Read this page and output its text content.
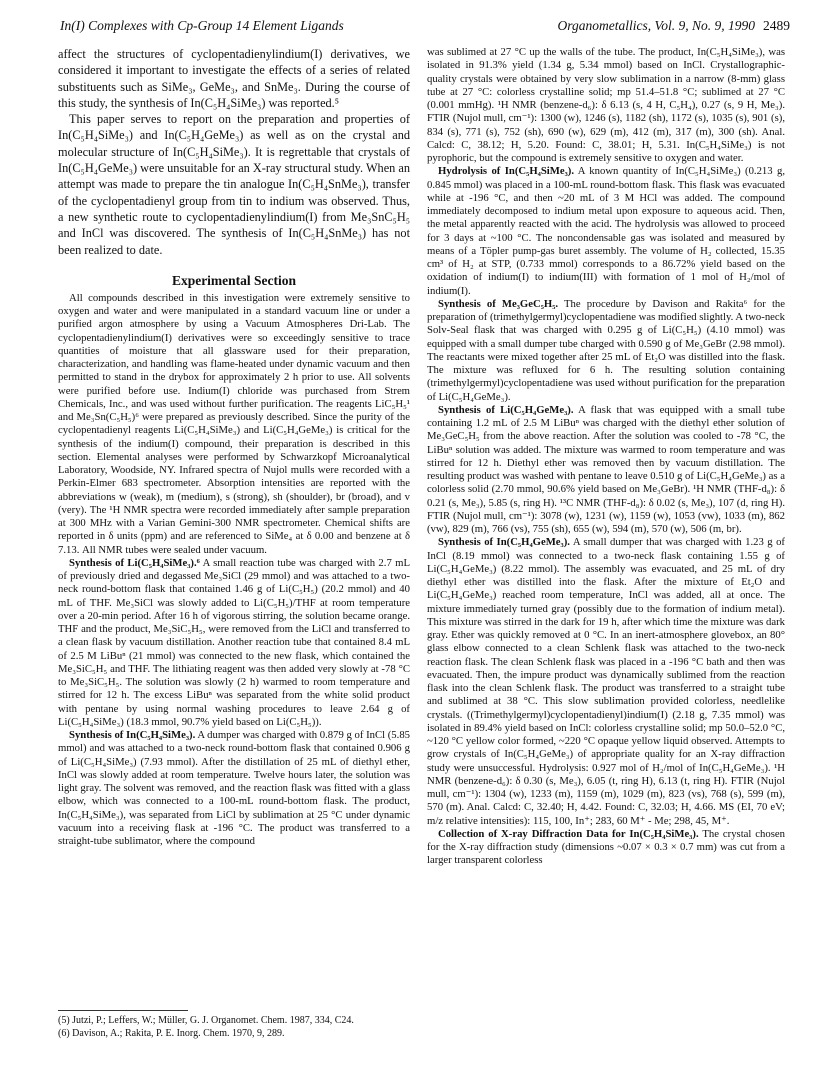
In(I) Complexes with Cp-Group 14 Element Ligands	Organometallics, Vol. 9, No. 9, 1990 2489

affect the structures of cyclopentadienylindium(I) derivatives, we considered it important to investigate the effects of a series of related substituents such as SiMe₃, GeMe₃, and SnMe₃. During the course of this study, the synthesis of In(C₅H₄SiMe₃) was reported.⁵

This paper serves to report on the preparation and properties of In(C₅H₄SiMe₃) and In(C₅H₄GeMe₃) as well as on the crystal and molecular structure of In(C₅H₄SiMe₃). It is regrettable that crystals of In(C₅H₄GeMe₃) were unsuitable for an X-ray structural study. When an attempt was made to prepare the tin analogue In(C₅H₄SnMe₃), transfer of the cyclopentadienyl group from tin to indium was observed. Thus, a new synthetic route to cyclopentadienylindium(I) from Me₃SnC₅H₅ and InCl was discovered. The synthesis of In(C₅H₄SnMe₃) has not been realized to date.

Experimental Section

All compounds described in this investigation were extremely sensitive to oxygen and water and were manipulated in a standard vacuum line or under a purified argon atmosphere by using a Vacuum Atmospheres Dri-Lab. The cyclopentadienylindium(I) derivatives were so exceedingly sensitive to trace quantities of moisture that all glassware used for their preparation, characterization, and handling was flame-heated under dynamic vacuum and then permitted to stand in the drybox for approximately 2 h prior to use. All solvents were purified before use. Indium(I) chloride was purchased from Strem Chemicals, Inc., and was used without further purification. The reagents LiC₅H₅¹ and Me₃Sn(C₅H₅)⁶ were prepared as previously described. Since the purity of the cyclopentadienyl reagents Li(C₅H₄SiMe₃) and Li(C₅H₄GeMe₃) is critical for the synthesis of the indium(I) compound, their preparation is described in this section. Elemental analyses were performed by Schwarzkopf Microanalytical Laboratory, Woodside, NY. Infrared spectra of Nujol mulls were recorded with a Perkin-Elmer 683 spectrometer. Absorption intensities are reported with the abbreviations w (weak), m (medium), s (strong), sh (shoulder), br (broad), and v (very). The ¹H NMR spectra were recorded immediately after sample preparation at 300 MHz with a Varian Gemini-300 NMR spectrometer. Chemical shifts are reported in δ units (ppm) and are referenced to SiMe₄ at δ 0.00 and benzene at δ 7.13. All NMR tubes were sealed under vacuum.

Synthesis of Li(C₅H₄SiMe₃).⁶ A small reaction tube was charged with 2.7 mL of previously dried and degassed Me₃SiCl (29 mmol) and was attached to a two-neck round-bottom flask that contained 1.46 g of Li(C₅H₅) (20.2 mmol) and 40 mL of THF. Me₃SiCl was slowly added to Li(C₅H₅)/THF at room temperature over a 20-min period. After 16 h of vigorous stirring, the solution became orange. THF and the product, Me₃SiC₅H₅, were removed from the LiCl and transferred to a clean flask by vacuum distillation. Another reaction tube that contained 8.4 mL of 2.5 M LiBuⁿ (21 mmol) was connected to the new flask, which contained the Me₃SiC₅H₅ and THF. The lithiating reagent was then added very slowly at -78 °C to Me₃SiC₅H₅. The solution was slowly (2 h) warmed to room temperature and stirred for 12 h. The excess LiBuⁿ was separated from the white solid product with pentane by using normal washing procedures to leave 2.64 g of Li(C₅H₄SiMe₃) (18.3 mmol, 90.7% yield based on Li(C₅H₅)).

Synthesis of In(C₅H₄SiMe₃). A dumper was charged with 0.879 g of InCl (5.85 mmol) and was attached to a two-neck round-bottom flask that contained 0.906 g of Li(C₅H₄SiMe₃) (7.93 mmol). After the distillation of 25 mL of diethyl ether, InCl was slowly added at room temperature. Twelve hours later, the solution was light gray. The solvent was removed, and the reaction flask was fitted with a glass elbow, which was connected to a 100-mL round-bottom flask. The product, In(C₅H₄SiMe₃), was separated from LiCl by sublimation at 25 °C under dynamic vacuum into a receiving flask at -196 °C. The product was transferred to a straight-tube sublimator, where the compound

was sublimed at 27 °C up the walls of the tube. The product, In(C₅H₄SiMe₃), was isolated in 91.3% yield (1.34 g, 5.34 mmol) based on InCl. Crystallographic-quality crystals were obtained by very slow sublimation in a narrow (8-mm) glass tube at 27 °C: colorless crystalline solid; mp 51.4–51.8 °C; sublimed at 27 °C (0.001 mmHg). ¹H NMR (benzene-d₆): δ 6.13 (s, 4 H, C₅H₄), 0.27 (s, 9 H, Me₃). FTIR (Nujol mull, cm⁻¹): 1300 (w), 1246 (s), 1182 (sh), 1172 (s), 1035 (s), 901 (s), 834 (s), 771 (s), 752 (sh), 690 (w), 629 (m), 412 (m), 317 (m), 300 (sh). Anal. Calcd: C, 38.12; H, 5.20. Found: C, 38.01; H, 5.31. In(C₅H₄SiMe₃) is not pyrophoric, but the compound is extremely sensitive to oxygen and water.

Hydrolysis of In(C₅H₄SiMe₃). A known quantity of In(C₅H₄SiMe₃) (0.213 g, 0.845 mmol) was placed in a 100-mL round-bottom flask. This flask was evacuated while at -196 °C, and then ~20 mL of 3 M HCl was added. The compound immediately decomposed to indium metal upon exposure to aqueous acid. Then, the metal apparently reacted with the acid. The hydrolysis was allowed to proceed for 3 days at ~100 °C. The noncondensable gas was isolated and measured by means of a Töpler pump-gas buret assembly. The volume of H₂ collected, 15.35 cm³ of H₂ at STP, (0.733 mmol) corresponds to a 86.72% yield based on the oxidation of indium(I) to indium(III) with formation of 1 mol of H₂/mol of indium(I).

Synthesis of Me₃GeC₅H₅. The procedure by Davison and Rakita⁶ for the preparation of (trimethylgermyl)cyclopentadiene was modified slightly. A two-neck Solv-Seal flask that was charged with 0.295 g of Li(C₅H₅) (4.10 mmol) was equipped with a small dumper tube charged with 0.590 g of Me₃GeBr (2.98 mmol). The reactants were mixed together after 25 mL of Et₂O was distilled into the flask. The mixture was refluxed for 6 h. The resulting solution containing (trimethylgermyl)cyclopentadiene was used without purification for the preparation of Li(C₅H₄GeMe₃).

Synthesis of Li(C₅H₄GeMe₃). A flask that was equipped with a small tube containing 1.2 mL of 2.5 M LiBuⁿ was charged with the diethyl ether solution of Me₃GeC₅H₅ from the above reaction. After the solution was cooled to -78 °C, the LiBuⁿ solution was added. The mixture was warmed to room temperature and was stirred for 12 h. Diethyl ether was removed then by vacuum distillation. The resulting product was washed with pentane to leave 0.510 g of Li(C₅H₄GeMe₃) as a colorless solid (2.70 mmol, 90.6% yield based on Me₃GeBr). ¹H NMR (THF-d₈): δ 0.21 (s, Me₃), 5.85 (s, ring H). ¹³C NMR (THF-d₈): δ 0.02 (s, Me₃), 107 (d, ring H). FTIR (Nujol mull, cm⁻¹): 3078 (w), 1231 (w), 1159 (w), 1053 (vw), 1033 (m), 862 (vw), 829 (m), 766 (vs), 755 (sh), 655 (w), 594 (m), 570 (w), 506 (m, br).

Synthesis of In(C₅H₄GeMe₃). A small dumper that was charged with 1.23 g of InCl (8.19 mmol) was connected to a two-neck flask containing 1.55 g of Li(C₅H₄GeMe₃) (8.22 mmol). The assembly was evacuated, and 25 mL of dry diethyl ether was distilled into the flask. After the mixture of Et₂O and Li(C₅H₄GeMe₃) reached room temperature, InCl was added, all at once. The mixture immediately turned gray (possibly due to the formation of indium metal). This mixture was stirred in the dark for 19 h, after which time the mixture was dark gray. Ether was quickly removed at 0 °C. In an inert-atmosphere glovebox, an 80° glass elbow connected to a clean Schlenk flask was attached to the two-neck reaction flask. The clean Schlenk flask was placed in a -196 °C bath and then was evacuated. Then, the impure product was dynamically sublimed from the reaction flask into the clean Schlenk flask. The product was transferred to a straight tube and sublimed at 38 °C. This slow sublimation provided colorless, needlelike crystals. ((Trimethylgermyl)cyclopentadienyl)indium(I) (2.18 g, 7.35 mmol) was isolated in 89.4% yield based on InCl: colorless crystalline solid; mp 50.0–52.0 °C, ~120 °C yellow color formed, ~220 °C opaque yellow liquid observed. Attempts to grow crystals of In(C₅H₄GeMe₃) of appropriate quality for an X-ray diffraction study were unsuccessful. Hydrolysis: 0.927 mol of H₂/mol of In(C₅H₄GeMe₃). ¹H NMR (benzene-d₆): δ 0.30 (s, Me₃), 6.05 (t, ring H), 6.13 (t, ring H). FTIR (Nujol mull, cm⁻¹): 1304 (w), 1233 (m), 1159 (m), 1029 (m), 823 (vs), 768 (s), 599 (m), 570 (m). Anal. Calcd: C, 32.40; H, 4.42. Found: C, 32.03; H, 4.66. MS (EI, 70 eV; m/z relative intensities): 115, 100, In⁺; 283, 60 M⁺ - Me; 298, 45, M⁺.

Collection of X-ray Diffraction Data for In(C₅H₄SiMe₃). The crystal chosen for the X-ray diffraction study (dimensions ~0.07 × 0.3 × 0.7 mm) was cut from a larger transparent colorless

(5) Jutzi, P.; Leffers, W.; Müller, G. J. Organomet. Chem. 1987, 334, C24.

(6) Davison, A.; Rakita, P. E. Inorg. Chem. 1970, 9, 289.
